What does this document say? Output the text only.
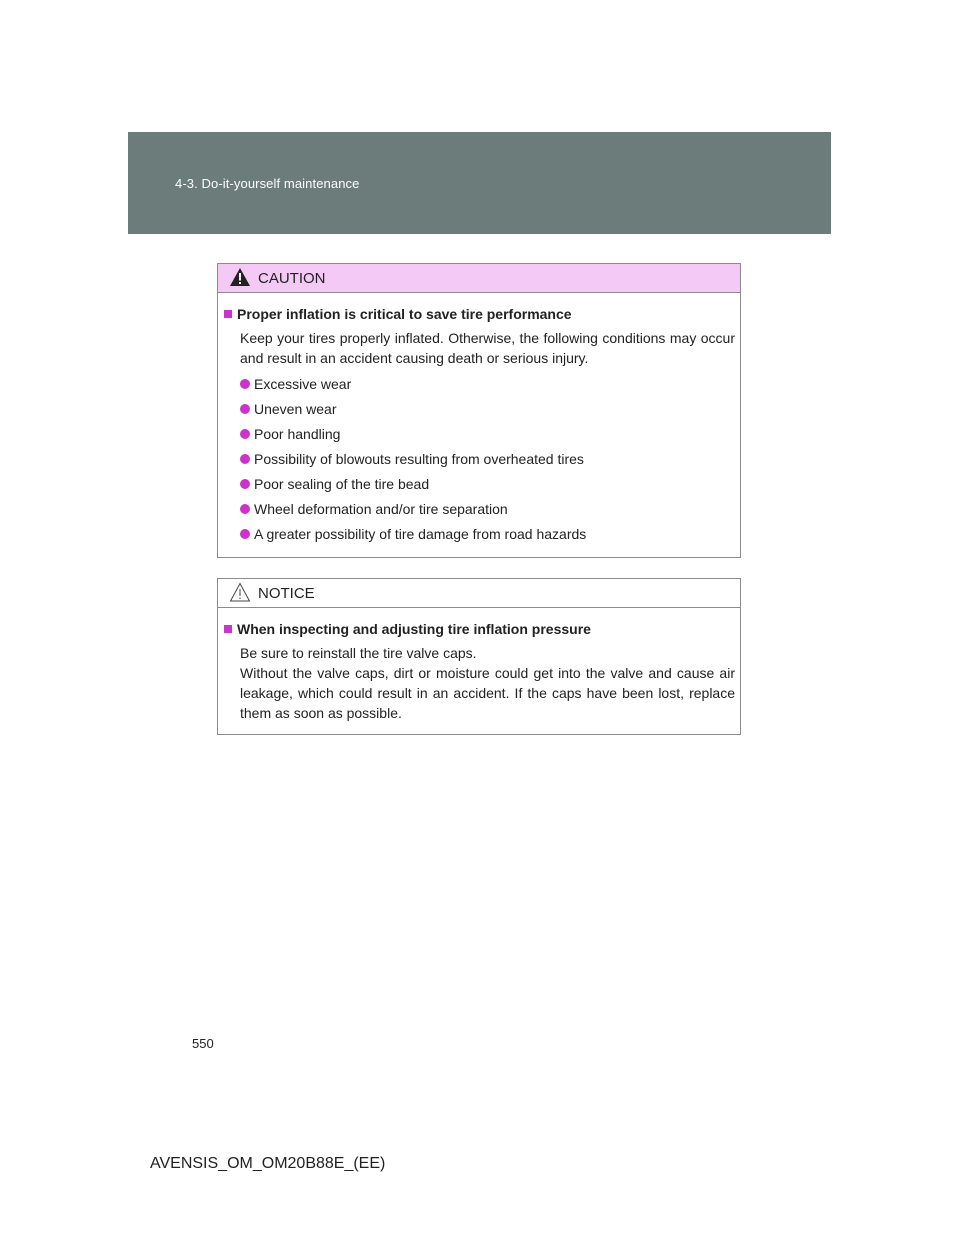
4-3. Do-it-yourself maintenance
CAUTION
Proper inflation is critical to save tire performance
Keep your tires properly inflated. Otherwise, the following conditions may occur and result in an accident causing death or serious injury.
Excessive wear
Uneven wear
Poor handling
Possibility of blowouts resulting from overheated tires
Poor sealing of the tire bead
Wheel deformation and/or tire separation
A greater possibility of tire damage from road hazards
NOTICE
When inspecting and adjusting tire inflation pressure
Be sure to reinstall the tire valve caps.
Without the valve caps, dirt or moisture could get into the valve and cause air leakage, which could result in an accident. If the caps have been lost, replace them as soon as possible.
550
AVENSIS_OM_OM20B88E_(EE)
